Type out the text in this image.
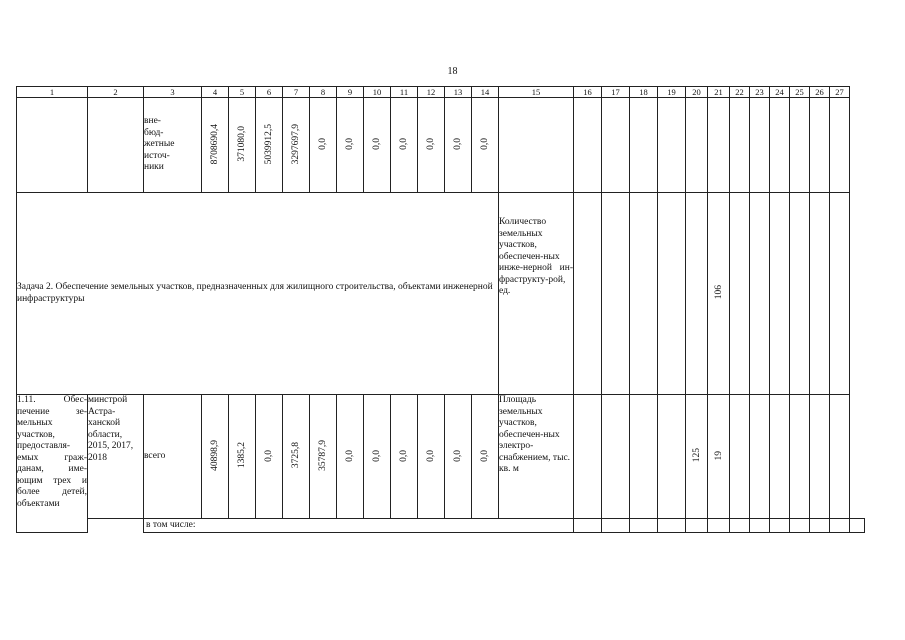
18
1	2	3	4	5	6	7	8	9	10	11	12	13	14	15	16	17	18	19	20	21	22	23	24	25	26	27	
		вне-
бюд-
жетные
источ-
ники	8708690,4	371080,0	5039912,5	3297697,9	0,0	0,0	0,0	0,0	0,0	0,0	0,0														
Задача 2. Обеспечение земельных участков, предназначенных для жилищного строительства, объектами инженерной инфраструктуры														Количество земельных участков, обеспечен-ных инже-нерной ин-фраструкту-рой, ед.						106							
1.11. Обес-печение зе-мельных участков, предоставля-емых граж-данам, име-ющим трех и более детей, объектами	минстрой Астра-ханской области, 2015, 2017, 2018	всего	40898,9	1385,2	0,0	3725,8	35787,9	0,0	0,0	0,0	0,0	0,0	0,0	Площадь земельных участков, обеспечен-ных электро-снабжением, тыс. кв. м					125	19							
		в том числе:																									
